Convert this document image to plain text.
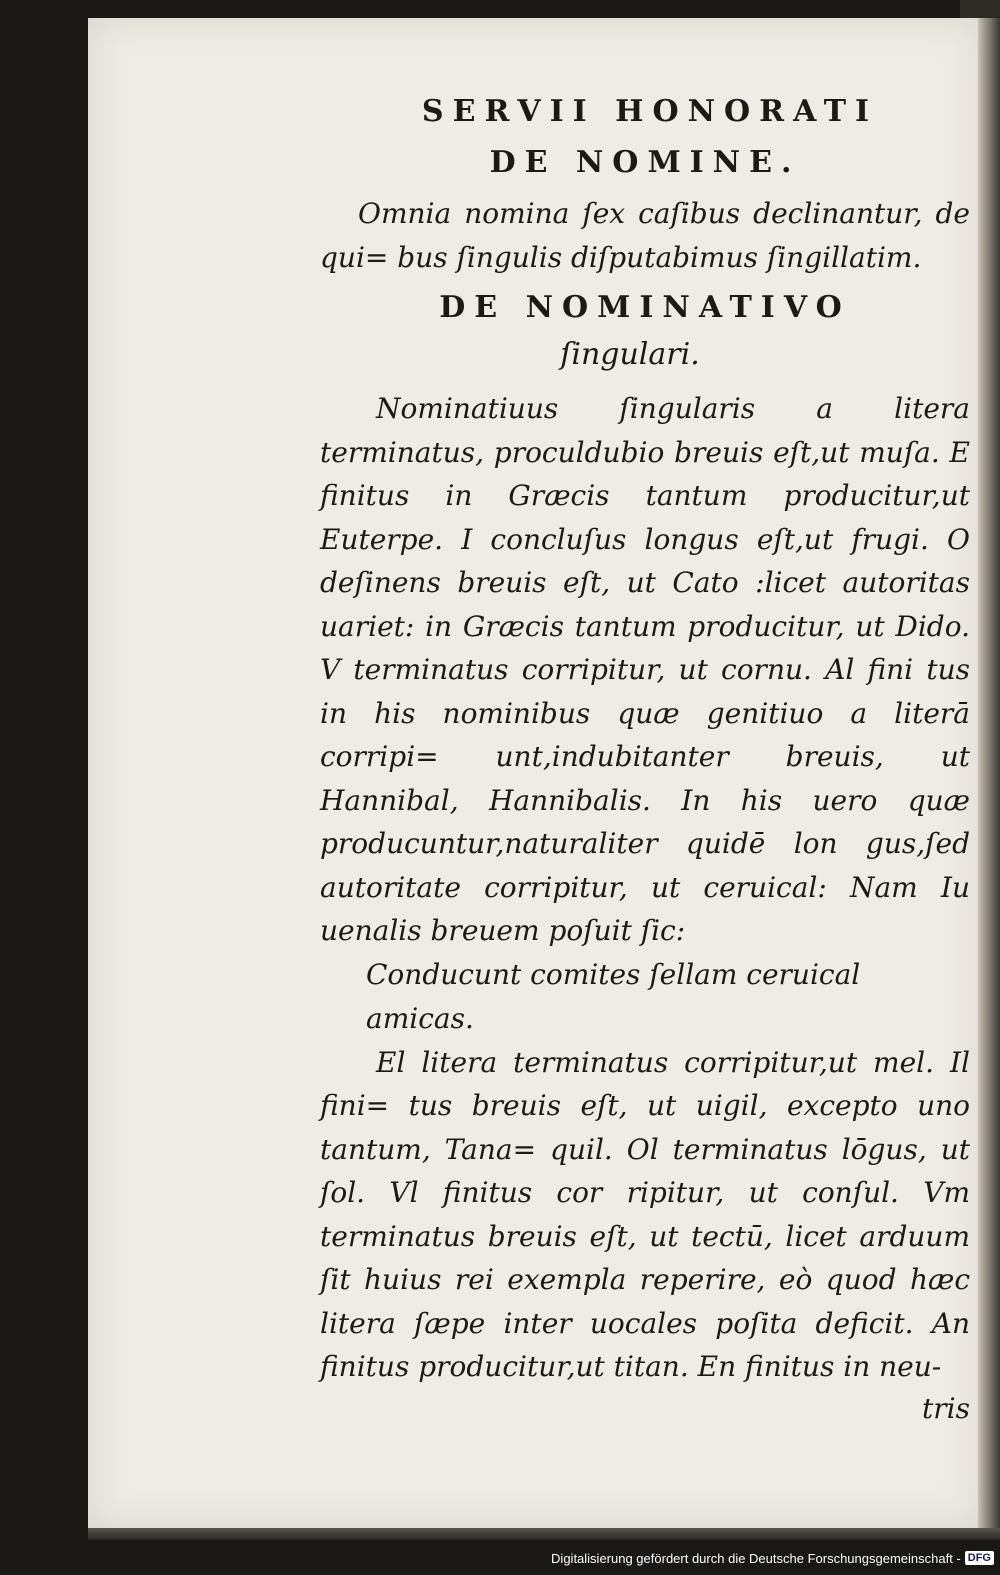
SERVII HONORATI
DE NOMINE.

Omnia nomina ſex caſibus declinantur, de qui= bus ſingulis diſputabimus ſingillatim.

DE NOMINATIVO

ſingulari.

Nominatiuus ſingularis a litera terminatus, proculdubio breuis eſt,ut muſa. E finitus in Græcis tantum producitur,ut Euterpe. I concluſus longus eſt,ut frugi. O deſinens breuis eſt, ut Cato :licet autoritas uariet: in Græcis tantum producitur, ut Dido. V terminatus corripitur, ut cornu. Al fini tus in his nominibus quæ genitiuo a literā corripi= unt,indubitanter breuis, ut Hannibal, Hannibalis. In his uero quæ producuntur,naturaliter quidē lon gus,ſed autoritate corripitur, ut ceruical: Nam Iu uenalis breuem poſuit ſic:

Conducunt comites ſellam ceruical amicas.

El litera terminatus corripitur,ut mel. Il fini= tus breuis eſt, ut uigil, excepto uno tantum, Tana= quil. Ol terminatus lōgus, ut ſol. Vl finitus cor ripitur, ut conſul. Vm terminatus breuis eſt, ut tectū, licet arduum ſit huius rei exempla reperire, eò quod hæc litera ſæpe inter uocales poſita deficit. An finitus producitur,ut titan. En finitus in neu-

tris

Digitalisierung gefördert durch die Deutsche Forschungsgemeinschaft - DFG
